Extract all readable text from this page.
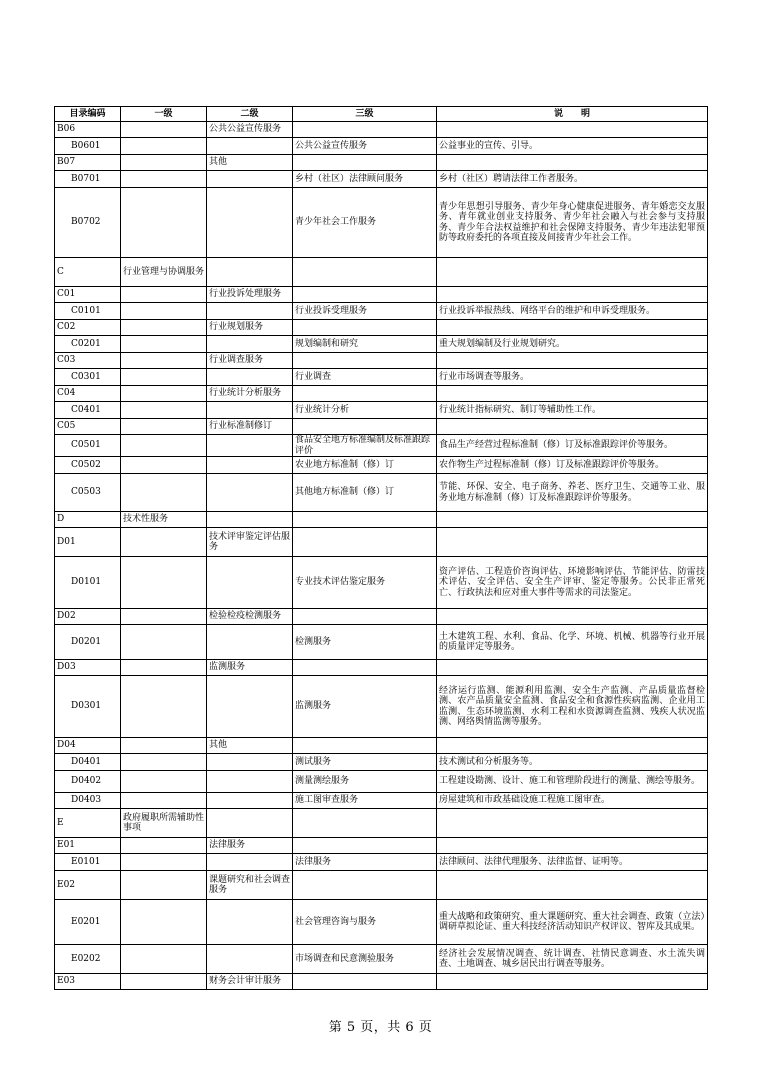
目录编码	一级	二级	三级	说　　明
B06		公共公益宣传服务		
B0601			公共公益宣传服务	公益事业的宣传、引导。
B07		其他		
B0701			乡村（社区）法律顾问服务	乡村（社区）聘请法律工作者服务。
B0702			青少年社会工作服务	青少年思想引导服务、青少年身心健康促进服务、青年婚恋交友服务、青年就业创业支持服务、青少年社会融入与社会参与支持服务、青少年合法权益维护和社会保障支持服务、青少年违法犯罪预防等政府委托的各项直接及间接青少年社会工作。
C	行业管理与协调服务			
C01		行业投诉处理服务		
C0101			行业投诉受理服务	行业投诉举报热线、网络平台的维护和申诉受理服务。
C02		行业规划服务		
C0201			规划编制和研究	重大规划编制及行业规划研究。
C03		行业调查服务		
C0301			行业调查	行业市场调查等服务。
C04		行业统计分析服务		
C0401			行业统计分析	行业统计指标研究、制订等辅助性工作。
C05		行业标准制修订		
C0501			食品安全地方标准编制及标准跟踪评价	食品生产经营过程标准制（修）订及标准跟踪评价等服务。
C0502			农业地方标准制（修）订	农作物生产过程标准制（修）订及标准跟踪评价等服务。
C0503			其他地方标准制（修）订	节能、环保、安全、电子商务、养老、医疗卫生、交通等工业、服务业地方标准制（修）订及标准跟踪评价等服务。
D	技术性服务			
D01		技术评审鉴定评估服务		
D0101			专业技术评估鉴定服务	资产评估、工程造价咨询评估、环境影响评估、节能评估、防雷技术评估、安全评估、安全生产评审、鉴定等服务。公民非正常死亡、行政执法和应对重大事件等需求的司法鉴定。
D02		检验检疫检测服务		
D0201			检测服务	土木建筑工程、水利、食品、化学、环境、机械、机器等行业开展的质量评定等服务。
D03		监测服务		
D0301			监测服务	经济运行监测、能源利用监测、安全生产监测、产品质量监督检测、农产品质量安全监测、食品安全和食源性疾病监测、企业用工监测、生态环境监测、水利工程和水资源调查监测、残疾人状况监测、网络舆情监测等服务。
D04		其他		
D0401			测试服务	技术测试和分析服务等。
D0402			测量测绘服务	工程建设勘测、设计、施工和管理阶段进行的测量、测绘等服务。
D0403			施工图审查服务	房屋建筑和市政基础设施工程施工图审查。
E	政府履职所需辅助性事项			
E01		法律服务		
E0101			法律服务	法律顾问、法律代理服务、法律监督、证明等。
E02		课题研究和社会调查服务		
E0201			社会管理咨询与服务	重大战略和政策研究、重大课题研究、重大社会调查、政策（立法）调研草拟论证、重大科技经济活动知识产权评议、智库及其成果。
E0202			市场调查和民意测验服务	经济社会发展情况调查、统计调查、社情民意调查、水土流失调查、土地调查、城乡居民出行调查等服务。
E03		财务会计审计服务		
第 5 页，共 6 页
